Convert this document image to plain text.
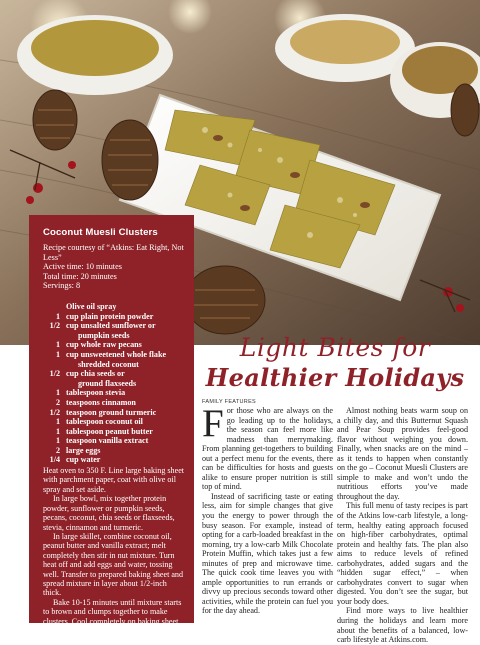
Coconut Muesli Clusters
Recipe courtesy of “Atkins: Eat Right, Not Less”
Active time: 10 minutes
Total time: 20 minutes
Servings: 8
Olive oil spray
1 cup plain protein powder
1/2 cup unsalted sunflower or
pumpkin seeds
1 cup whole raw pecans
1 cup unsweetened whole flake
shredded coconut
1/2 cup chia seeds or
ground flaxseeds
1 tablespoon stevia
2 teaspoons cinnamon
1/2 teaspoon ground turmeric
1 tablespoon coconut oil
1 tablespoon peanut butter
1 teaspoon vanilla extract
2 large eggs
1/4 cup water

Heat oven to 350 F. Line large baking sheet with parchment paper, coat with olive oil spray and set aside.

In large bowl, mix together protein powder, sunflower or pumpkin seeds, pecans, coconut, chia seeds or flaxseeds, stevia, cinnamon and turmeric.

In large skillet, combine coconut oil, peanut butter and vanilla extract; melt completely then stir in nut mixture. Turn heat off and add eggs and water, tossing well. Transfer to prepared baking sheet and spread mixture in layer about 1/2-inch thick.

Bake 10-15 minutes until mixture starts to brown and clumps together to make clusters. Cool completely on baking sheet then store in airtight container, refrigerated, up to 1 week.

Light Bites for
Healthier Holidays
FAMILY FEATURES

For those who are always on the go leading up to the holidays, the season can feel more like madness than merrymaking. From planning get-togethers to building out a perfect menu for the events, there can be difficulties for hosts and guests alike to ensure proper nutrition is still top of mind.

Instead of sacrificing taste or eating less, aim for simple changes that give you the energy to power through the busy season. For example, instead of opting for a carb-loaded breakfast in the morning, try a low-carb Milk Chocolate Protein Muffin, which takes just a few minutes of prep and microwave time. The quick cook time leaves you with ample opportunities to run errands or divvy up precious seconds toward other activities, while the protein can fuel you for the day ahead.

Almost nothing beats warm soup on a chilly day, and this Butternut Squash and Pear Soup provides feel-good flavor without weighing you down. Finally, when snacks are on the mind – as it tends to happen when constantly on the go – Coconut Muesli Clusters are simple to make and won’t undo the nutritious efforts you’ve made throughout the day.

This full menu of tasty recipes is part of the Atkins low-carb lifestyle, a long-term, healthy eating approach focused on high-fiber carbohydrates, optimal protein and healthy fats. The plan also aims to reduce levels of refined carbohydrates, added sugars and the “hidden sugar effect,” – when carbohydrates convert to sugar when digested. You don’t see the sugar, but your body does.

Find more ways to live healthier during the holidays and learn more about the benefits of a balanced, low-carb lifestyle at Atkins.com.
